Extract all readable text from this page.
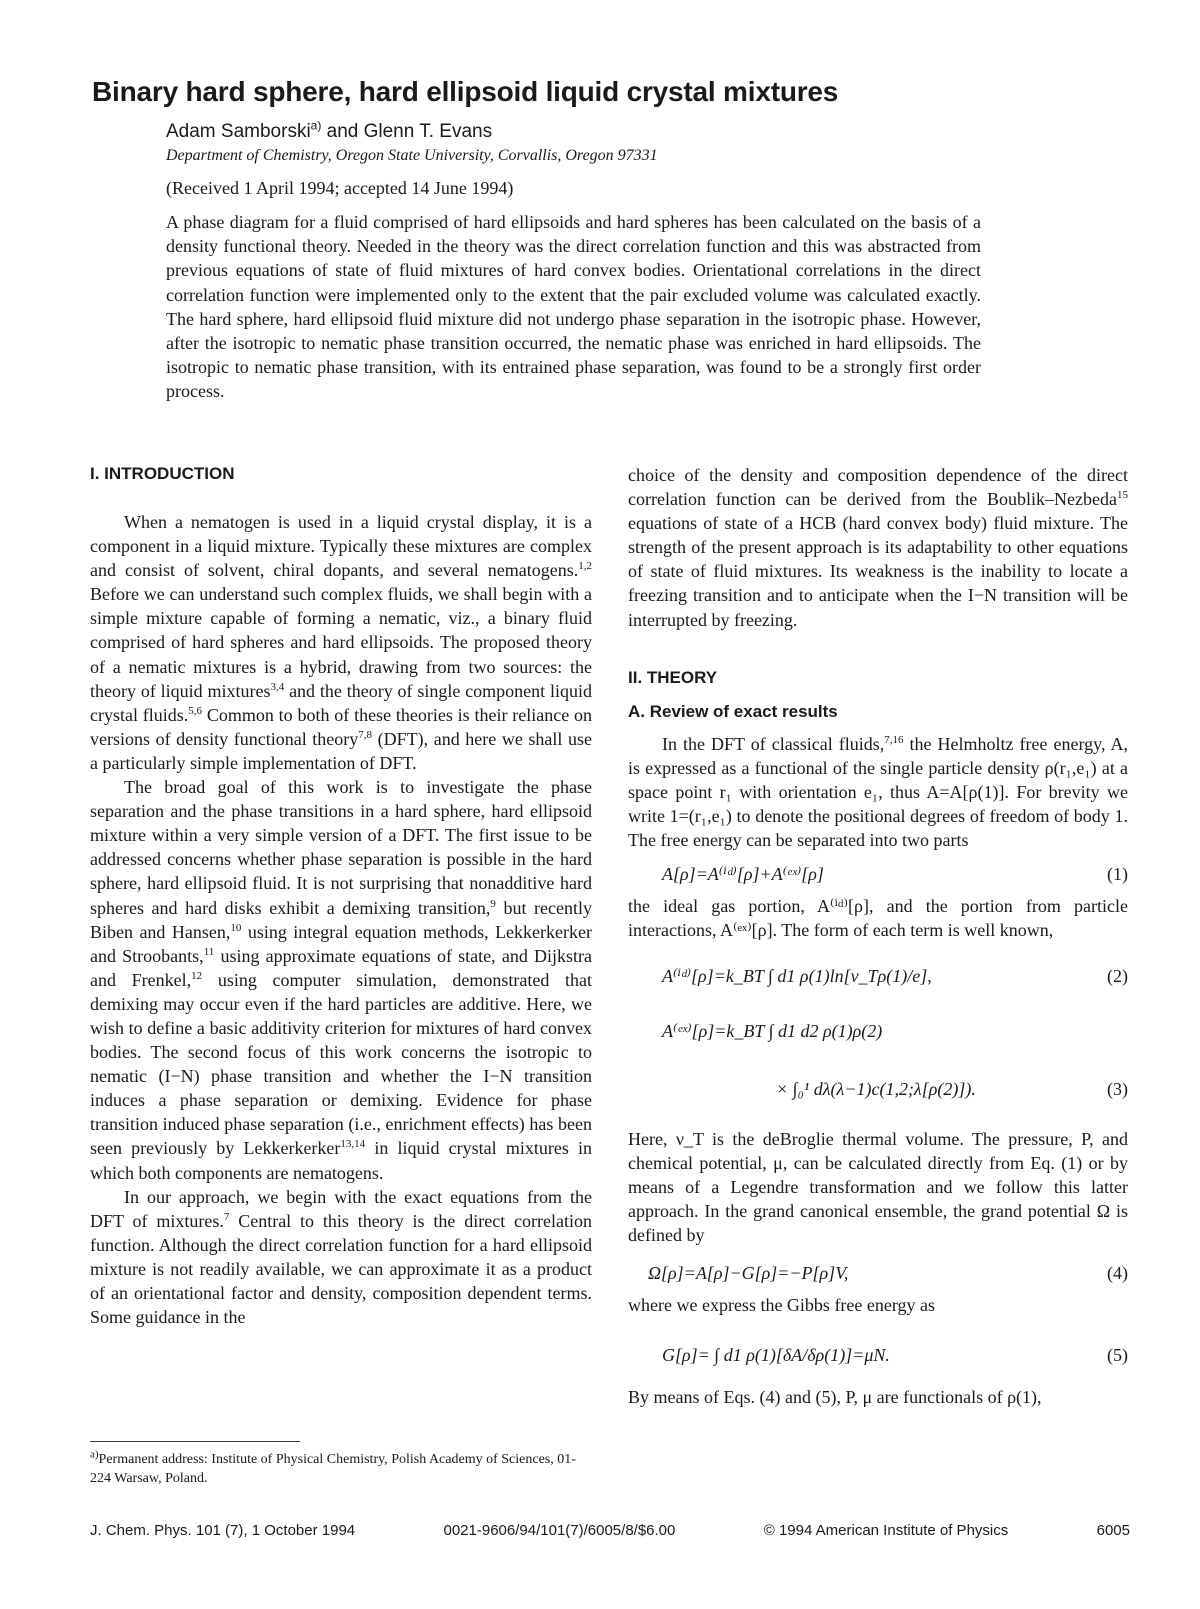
Binary hard sphere, hard ellipsoid liquid crystal mixtures
Adam Samborski$^{a)}$ and Glenn T. Evans
Department of Chemistry, Oregon State University, Corvallis, Oregon 97331
(Received 1 April 1994; accepted 14 June 1994)
A phase diagram for a fluid comprised of hard ellipsoids and hard spheres has been calculated on the basis of a density functional theory. Needed in the theory was the direct correlation function and this was abstracted from previous equations of state of fluid mixtures of hard convex bodies. Orientational correlations in the direct correlation function were implemented only to the extent that the pair excluded volume was calculated exactly. The hard sphere, hard ellipsoid fluid mixture did not undergo phase separation in the isotropic phase. However, after the isotropic to nematic phase transition occurred, the nematic phase was enriched in hard ellipsoids. The isotropic to nematic phase transition, with its entrained phase separation, was found to be a strongly first order process.
I. INTRODUCTION

When a nematogen is used in a liquid crystal display, it is a component in a liquid mixture. Typically these mixtures are complex and consist of solvent, chiral dopants, and several nematogens.$^{1,2}$ Before we can understand such complex fluids, we shall begin with a simple mixture capable of forming a nematic, viz., a binary fluid comprised of hard spheres and hard ellipsoids. The proposed theory of a nematic mixtures is a hybrid, drawing from two sources: the theory of liquid mixtures$^{3,4}$ and the theory of single component liquid crystal fluids.$^{5,6}$ Common to both of these theories is their reliance on versions of density functional theory$^{7,8}$ (DFT), and here we shall use a particularly simple implementation of DFT.

The broad goal of this work is to investigate the phase separation and the phase transitions in a hard sphere, hard ellipsoid mixture within a very simple version of a DFT. The first issue to be addressed concerns whether phase separation is possible in the hard sphere, hard ellipsoid fluid. It is not surprising that nonadditive hard spheres and hard disks exhibit a demixing transition,$^9$ but recently Biben and Hansen,$^{10}$ using integral equation methods, Lekkerkerker and Stroobants,$^{11}$ using approximate equations of state, and Dijkstra and Frenkel,$^{12}$ using computer simulation, demonstrated that demixing may occur even if the hard particles are additive. Here, we wish to define a basic additivity criterion for mixtures of hard convex bodies. The second focus of this work concerns the isotropic to nematic (I−N) phase transition and whether the I−N transition induces a phase separation or demixing. Evidence for phase transition induced phase separation (i.e., enrichment effects) has been seen previously by Lekkerkerker$^{13,14}$ in liquid crystal mixtures in which both components are nematogens.

In our approach, we begin with the exact equations from the DFT of mixtures.$^7$ Central to this theory is the direct correlation function. Although the direct correlation function for a hard ellipsoid mixture is not readily available, we can approximate it as a product of an orientational factor and density, composition dependent terms. Some guidance in the

choice of the density and composition dependence of the direct correlation function can be derived from the Boublik–Nezbeda$^{15}$ equations of state of a HCB (hard convex body) fluid mixture. The strength of the present approach is its adaptability to other equations of state of fluid mixtures. Its weakness is the inability to locate a freezing transition and to anticipate when the I−N transition will be interrupted by freezing.

II. THEORY
A. Review of exact results

In the DFT of classical fluids,$^{7,16}$ the Helmholtz free energy, A, is expressed as a functional of the single particle density ρ(r₁,e₁) at a space point r₁ with orientation e₁, thus A=A[ρ(1)]. For brevity we write 1=(r₁,e₁) to denote the positional degrees of freedom of body 1. The free energy can be separated into two parts

A[ρ]=A⁽ⁱᵈ⁾[ρ]+A⁽ᵉˣ⁾[ρ]	(1)

the ideal gas portion, A⁽ⁱᵈ⁾[ρ], and the portion from particle interactions, A⁽ᵉˣ⁾[ρ]. The form of each term is well known,

A⁽ⁱᵈ⁾[ρ]=k_BT ∫ d1 ρ(1)ln[ν_Tρ(1)/e],	(2)
A⁽ᵉˣ⁾[ρ]=k_BT ∫ d1 d2 ρ(1)ρ(2)
× ∫₀¹ dλ(λ−1)c(1,2;λ[ρ(2)]).	(3)

Here, ν_T is the deBroglie thermal volume. The pressure, P, and chemical potential, μ, can be calculated directly from Eq. (1) or by means of a Legendre transformation and we follow this latter approach. In the grand canonical ensemble, the grand potential Ω is defined by

Ω[ρ]=A[ρ]−G[ρ]=−P[ρ]V,	(4)

where we express the Gibbs free energy as

G[ρ]= ∫ d1 ρ(1)[δA/δρ(1)]=μN.	(5)

By means of Eqs. (4) and (5), P, μ are functionals of ρ(1),

$^{a)}$Permanent address: Institute of Physical Chemistry, Polish Academy of Sciences, 01-224 Warsaw, Poland.
J. Chem. Phys. 101 (7), 1 October 1994	0021-9606/94/101(7)/6005/8/$6.00	© 1994 American Institute of Physics	6005
